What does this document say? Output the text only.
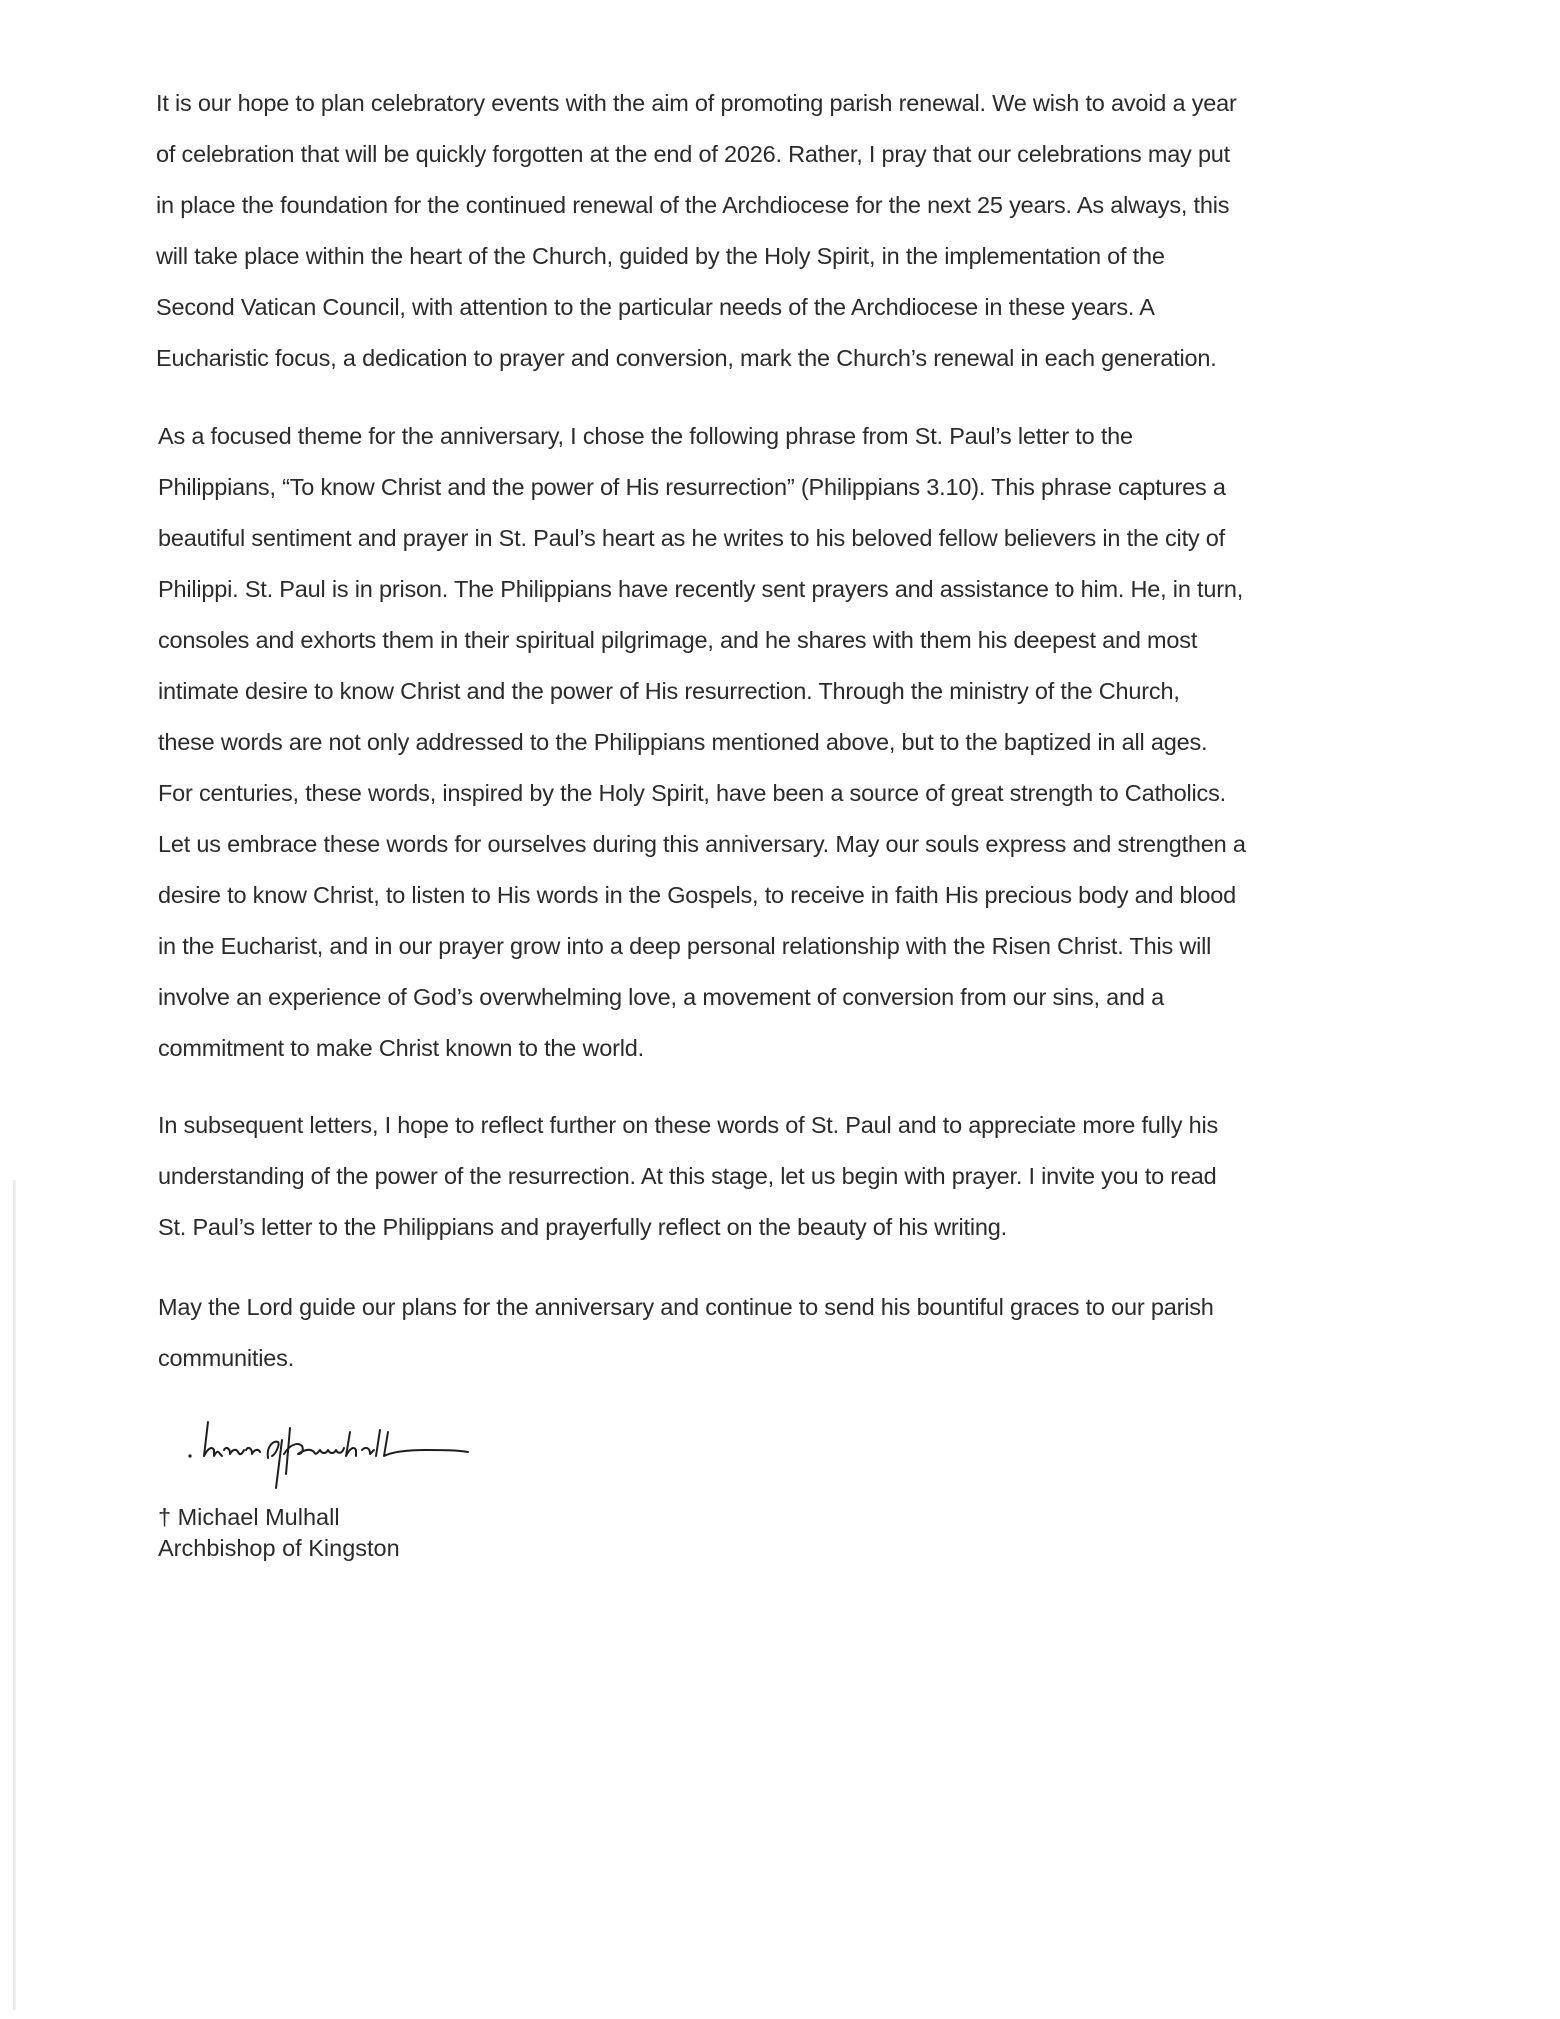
It is our hope to plan celebratory events with the aim of promoting parish renewal. We wish to avoid a year
of celebration that will be quickly forgotten at the end of 2026. Rather, I pray that our celebrations may put
in place the foundation for the continued renewal of the Archdiocese for the next 25 years. As always, this
will take place within the heart of the Church, guided by the Holy Spirit, in the implementation of the
Second Vatican Council, with attention to the particular needs of the Archdiocese in these years. A
Eucharistic focus, a dedication to prayer and conversion, mark the Church’s renewal in each generation.
As a focused theme for the anniversary, I chose the following phrase from St. Paul’s letter to the
Philippians, “To know Christ and the power of His resurrection” (Philippians 3.10). This phrase captures a
beautiful sentiment and prayer in St. Paul’s heart as he writes to his beloved fellow believers in the city of
Philippi. St. Paul is in prison. The Philippians have recently sent prayers and assistance to him. He, in turn,
consoles and exhorts them in their spiritual pilgrimage, and he shares with them his deepest and most
intimate desire to know Christ and the power of His resurrection. Through the ministry of the Church,
these words are not only addressed to the Philippians mentioned above, but to the baptized in all ages.
For centuries, these words, inspired by the Holy Spirit, have been a source of great strength to Catholics.
Let us embrace these words for ourselves during this anniversary. May our souls express and strengthen a
desire to know Christ, to listen to His words in the Gospels, to receive in faith His precious body and blood
in the Eucharist, and in our prayer grow into a deep personal relationship with the Risen Christ. This will
involve an experience of God’s overwhelming love, a movement of conversion from our sins, and a
commitment to make Christ known to the world.
In subsequent letters, I hope to reflect further on these words of St. Paul and to appreciate more fully his
understanding of the power of the resurrection. At this stage, let us begin with prayer. I invite you to read
St. Paul’s letter to the Philippians and prayerfully reflect on the beauty of his writing.
May the Lord guide our plans for the anniversary and continue to send his bountiful graces to our parish
communities.
† Michael Mulhall
Archbishop of Kingston
